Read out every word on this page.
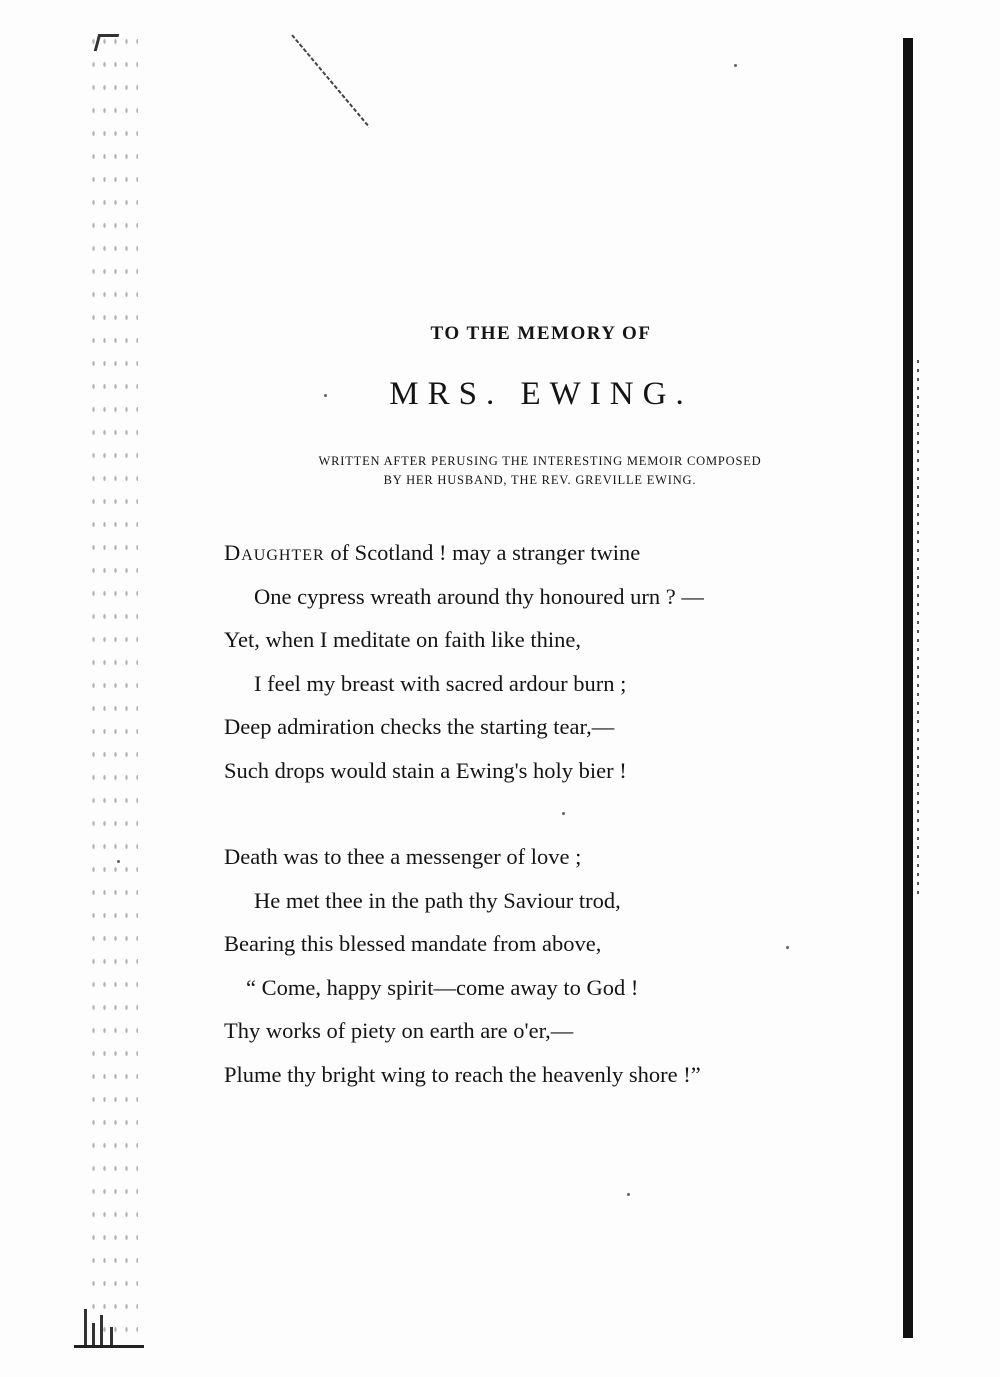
TO THE MEMORY OF
MRS. EWING.
WRITTEN AFTER PERUSING THE INTERESTING MEMOIR COMPOSED
BY HER HUSBAND, THE REV. GREVILLE EWING.
Daughter of Scotland ! may a stranger twine
One cypress wreath around thy honoured urn ? —
Yet, when I meditate on faith like thine,
I feel my breast with sacred ardour burn ;
Deep admiration checks the starting tear,—
Such drops would stain a Ewing's holy bier !
Death was to thee a messenger of love ;
He met thee in the path thy Saviour trod,
Bearing this blessed mandate from above,
“ Come, happy spirit—come away to God !
Thy works of piety on earth are o'er,—
Plume thy bright wing to reach the heavenly shore !”
